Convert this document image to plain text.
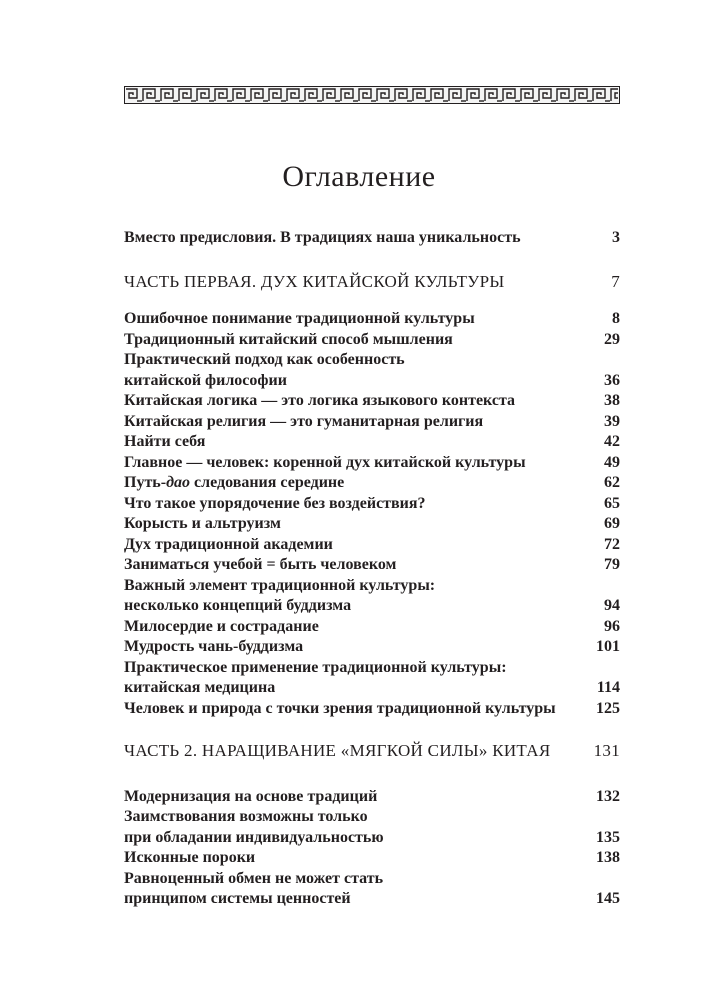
Оглавление
Вместо предисловия. В традициях наша уникальность	3
ЧАСТЬ ПЕРВАЯ. ДУХ КИТАЙСКОЙ КУЛЬТУРЫ	7
Ошибочное понимание традиционной культуры	8
Традиционный китайский способ мышления	29
Практический подход как особенность
китайской философии	36
Китайская логика — это логика языкового контекста	38
Китайская религия — это гуманитарная религия	39
Найти себя	42
Главное — человек: коренной дух китайской культуры	49
Путь-дао следования середине	62
Что такое упорядочение без воздействия?	65
Корысть и альтруизм	69
Дух традиционной академии	72
Заниматься учебой = быть человеком	79
Важный элемент традиционной культуры:
несколько концепций буддизма	94
Милосердие и сострадание	96
Мудрость чань-буддизма	101
Практическое применение традиционной культуры:
китайская медицина	114
Человек и природа с точки зрения традиционной культуры	125
ЧАСТЬ 2. НАРАЩИВАНИЕ «МЯГКОЙ СИЛЫ» КИТАЯ	131
Модернизация на основе традиций	132
Заимствования возможны только
при обладании индивидуальностью	135
Исконные пороки	138
Равноценный обмен не может стать
принципом системы ценностей	145
